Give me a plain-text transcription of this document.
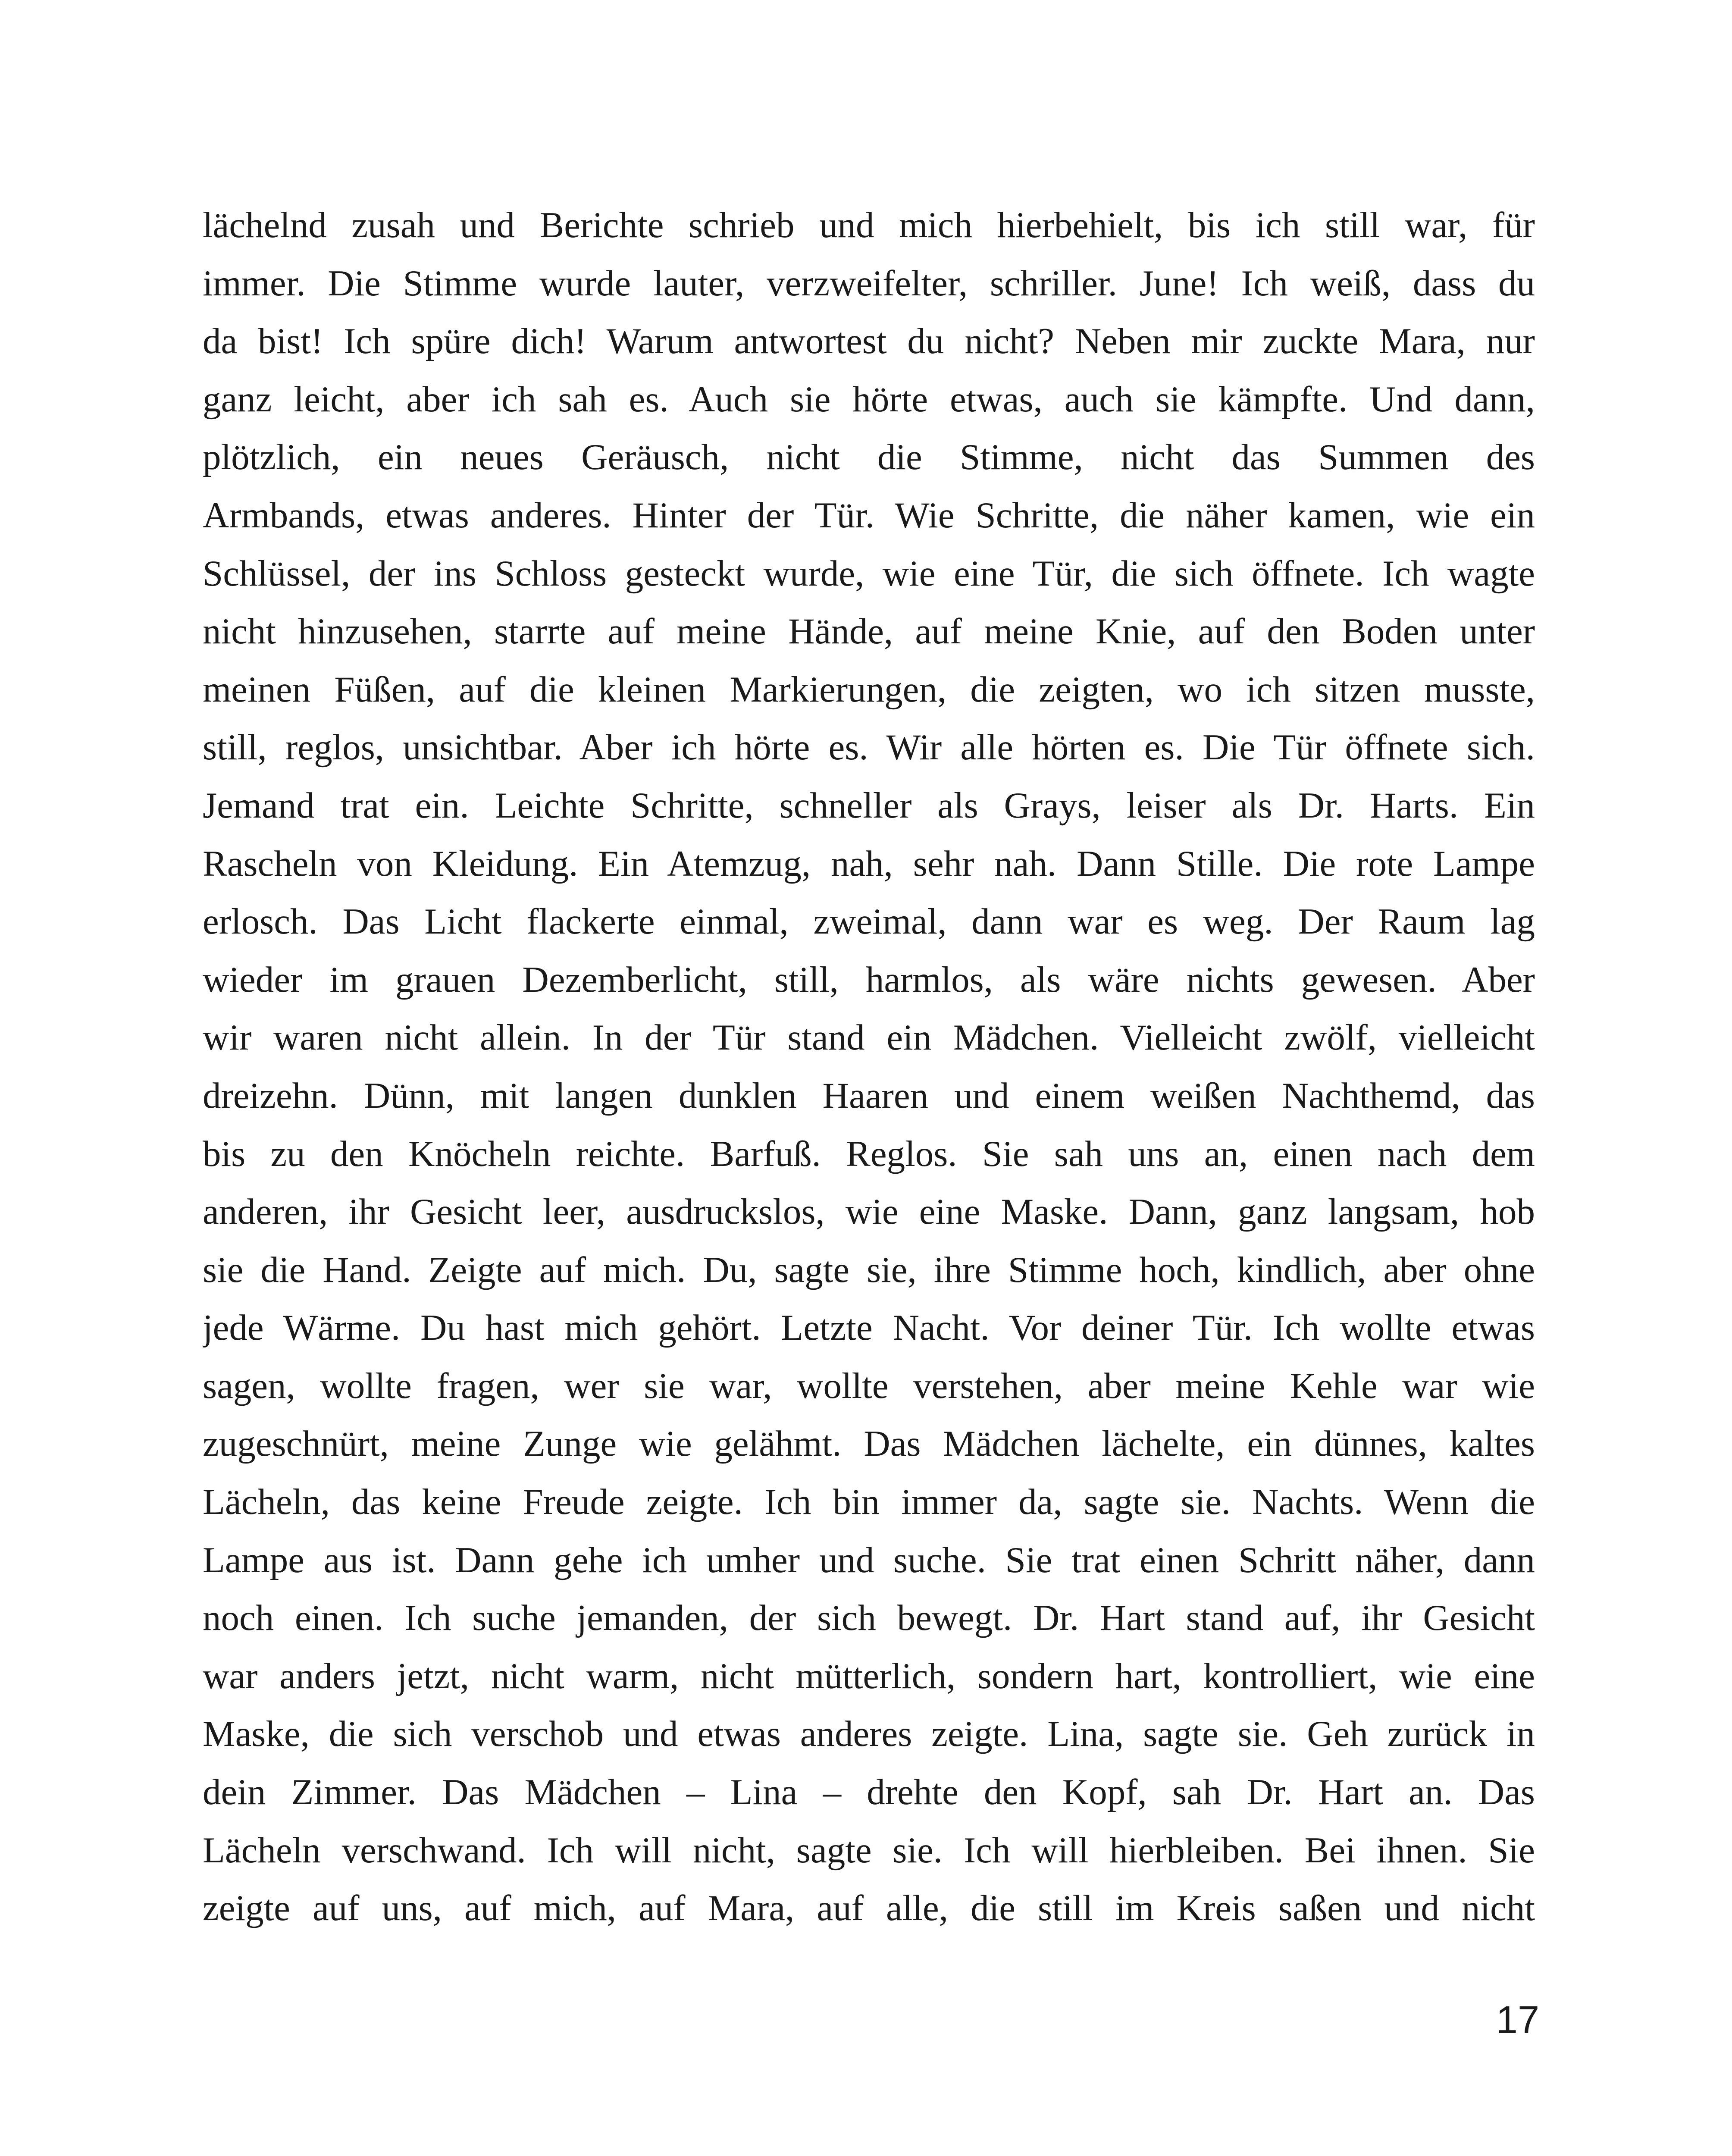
lächelnd zusah und Berichte schrieb und mich hierbehielt, bis ich still war, für
immer. Die Stimme wurde lauter, verzweifelter, schriller. June! Ich weiß, dass du
da bist! Ich spüre dich! Warum antwortest du nicht? Neben mir zuckte Mara, nur
ganz leicht, aber ich sah es. Auch sie hörte etwas, auch sie kämpfte. Und dann,
plötzlich, ein neues Geräusch, nicht die Stimme, nicht das Summen des
Armbands, etwas anderes. Hinter der Tür. Wie Schritte, die näher kamen, wie ein
Schlüssel, der ins Schloss gesteckt wurde, wie eine Tür, die sich öffnete. Ich wagte
nicht hinzusehen, starrte auf meine Hände, auf meine Knie, auf den Boden unter
meinen Füßen, auf die kleinen Markierungen, die zeigten, wo ich sitzen musste,
still, reglos, unsichtbar. Aber ich hörte es. Wir alle hörten es. Die Tür öffnete sich.
Jemand trat ein. Leichte Schritte, schneller als Grays, leiser als Dr. Harts. Ein
Rascheln von Kleidung. Ein Atemzug, nah, sehr nah. Dann Stille. Die rote Lampe
erlosch. Das Licht flackerte einmal, zweimal, dann war es weg. Der Raum lag
wieder im grauen Dezemberlicht, still, harmlos, als wäre nichts gewesen. Aber
wir waren nicht allein. In der Tür stand ein Mädchen. Vielleicht zwölf, vielleicht
dreizehn. Dünn, mit langen dunklen Haaren und einem weißen Nachthemd, das
bis zu den Knöcheln reichte. Barfuß. Reglos. Sie sah uns an, einen nach dem
anderen, ihr Gesicht leer, ausdruckslos, wie eine Maske. Dann, ganz langsam, hob
sie die Hand. Zeigte auf mich. Du, sagte sie, ihre Stimme hoch, kindlich, aber ohne
jede Wärme. Du hast mich gehört. Letzte Nacht. Vor deiner Tür. Ich wollte etwas
sagen, wollte fragen, wer sie war, wollte verstehen, aber meine Kehle war wie
zugeschnürt, meine Zunge wie gelähmt. Das Mädchen lächelte, ein dünnes, kaltes
Lächeln, das keine Freude zeigte. Ich bin immer da, sagte sie. Nachts. Wenn die
Lampe aus ist. Dann gehe ich umher und suche. Sie trat einen Schritt näher, dann
noch einen. Ich suche jemanden, der sich bewegt. Dr. Hart stand auf, ihr Gesicht
war anders jetzt, nicht warm, nicht mütterlich, sondern hart, kontrolliert, wie eine
Maske, die sich verschob und etwas anderes zeigte. Lina, sagte sie. Geh zurück in
dein Zimmer. Das Mädchen – Lina – drehte den Kopf, sah Dr. Hart an. Das
Lächeln verschwand. Ich will nicht, sagte sie. Ich will hierbleiben. Bei ihnen. Sie
zeigte auf uns, auf mich, auf Mara, auf alle, die still im Kreis saßen und nicht
17
